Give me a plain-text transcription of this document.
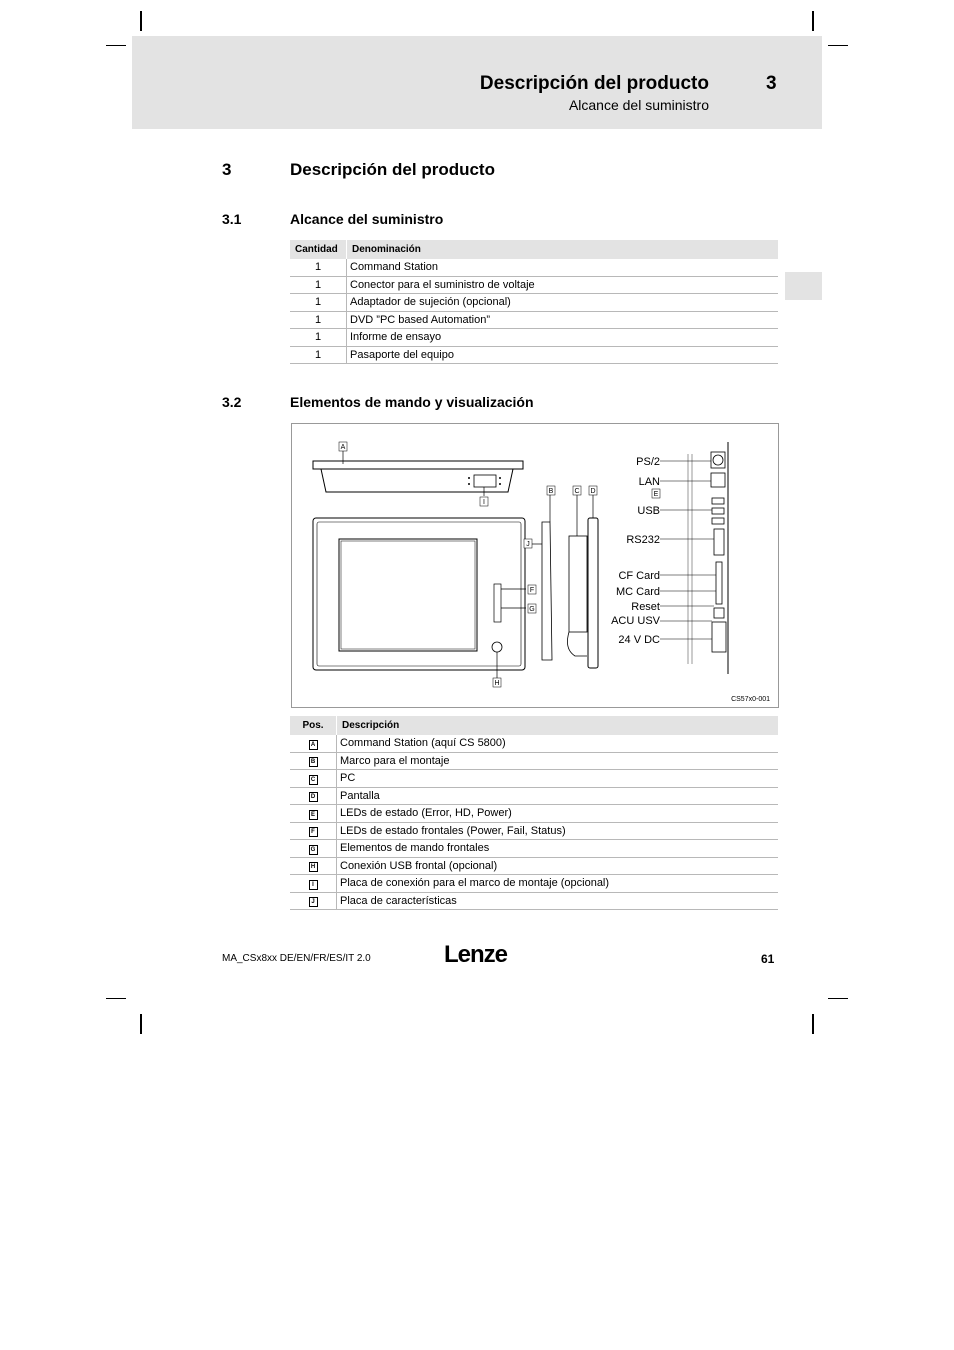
Descripción del producto	3
Alcance del suministro
3	Descripción del producto
3.1	Alcance del suministro
Cantidad	Denominación
1	Command Station
1	Conector para el suministro de voltaje
1	Adaptador de sujeción (opcional)
1	DVD ”PC based Automation”
1	Informe de ensayo
1	Pasaporte del equipo
3.2	Elementos de mando y visualización
PS/2
LAN
USB
RS232
CF Card
MC Card
Reset
ACU USV
24 V DC
A
B	C D	E
F
G
H
I
J
CS57x0-001
Pos.	Descripción
A	Command Station (aquí CS 5800)
B	Marco para el montaje
C	PC
D	Pantalla
E	LEDs de estado (Error, HD, Power)
F	LEDs de estado frontales (Power, Fail, Status)
G	Elementos de mando frontales
H	Conexión USB frontal (opcional)
I	Placa de conexión para el marco de montaje (opcional)
J	Placa de características
MA_CSx8xx DE/EN/FR/ES/IT 2.0	Lenze	61
